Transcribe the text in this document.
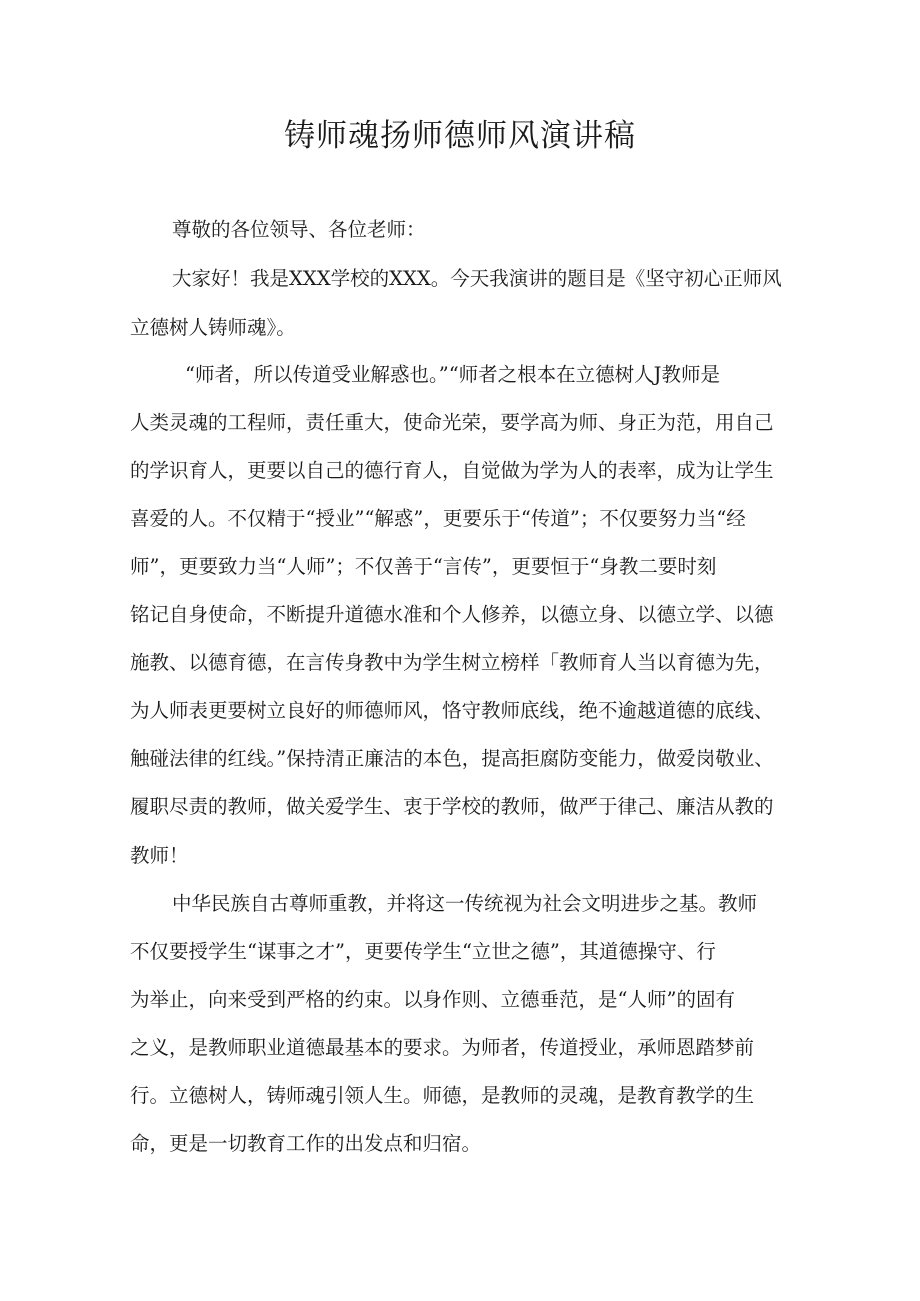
铸师魂扬师德师风演讲稿

尊敬的各位领导、各位老师：

大家好！我是XXX学校的XXX。今天我演讲的题目是《坚守初心正师风

立德树人铸师魂》。

“师者，所以传道受业解惑也。”“师者之根本在立德树人J教师是

人类灵魂的工程师，责任重大，使命光荣，要学高为师、身正为范，用自己

的学识育人，更要以自己的德行育人，自觉做为学为人的表率，成为让学生

喜爱的人。不仅精于“授业”“解惑”，更要乐于“传道”；不仅要努力当“经

师”，更要致力当“人师”；不仅善于“言传”，更要恒于“身教二要时刻

铭记自身使命，不断提升道德水准和个人修养，以德立身、以德立学、以德

施教、以德育德，在言传身教中为学生树立榜样「教师育人当以育德为先，

为人师表更要树立良好的师德师风，恪守教师底线，绝不逾越道德的底线、

触碰法律的红线。”保持清正廉洁的本色，提高拒腐防变能力，做爱岗敬业、

履职尽责的教师，做关爱学生、衷于学校的教师，做严于律己、廉洁从教的

教师！

中华民族自古尊师重教，并将这一传统视为社会文明进步之基。教师

不仅要授学生“谋事之才”，更要传学生“立世之德”，其道德操守、行

为举止，向来受到严格的约束。以身作则、立德垂范，是“人师”的固有

之义，是教师职业道德最基本的要求。为师者，传道授业，承师恩踏梦前

行。立德树人，铸师魂引领人生。师德，是教师的灵魂，是教育教学的生

命，更是一切教育工作的出发点和归宿。
